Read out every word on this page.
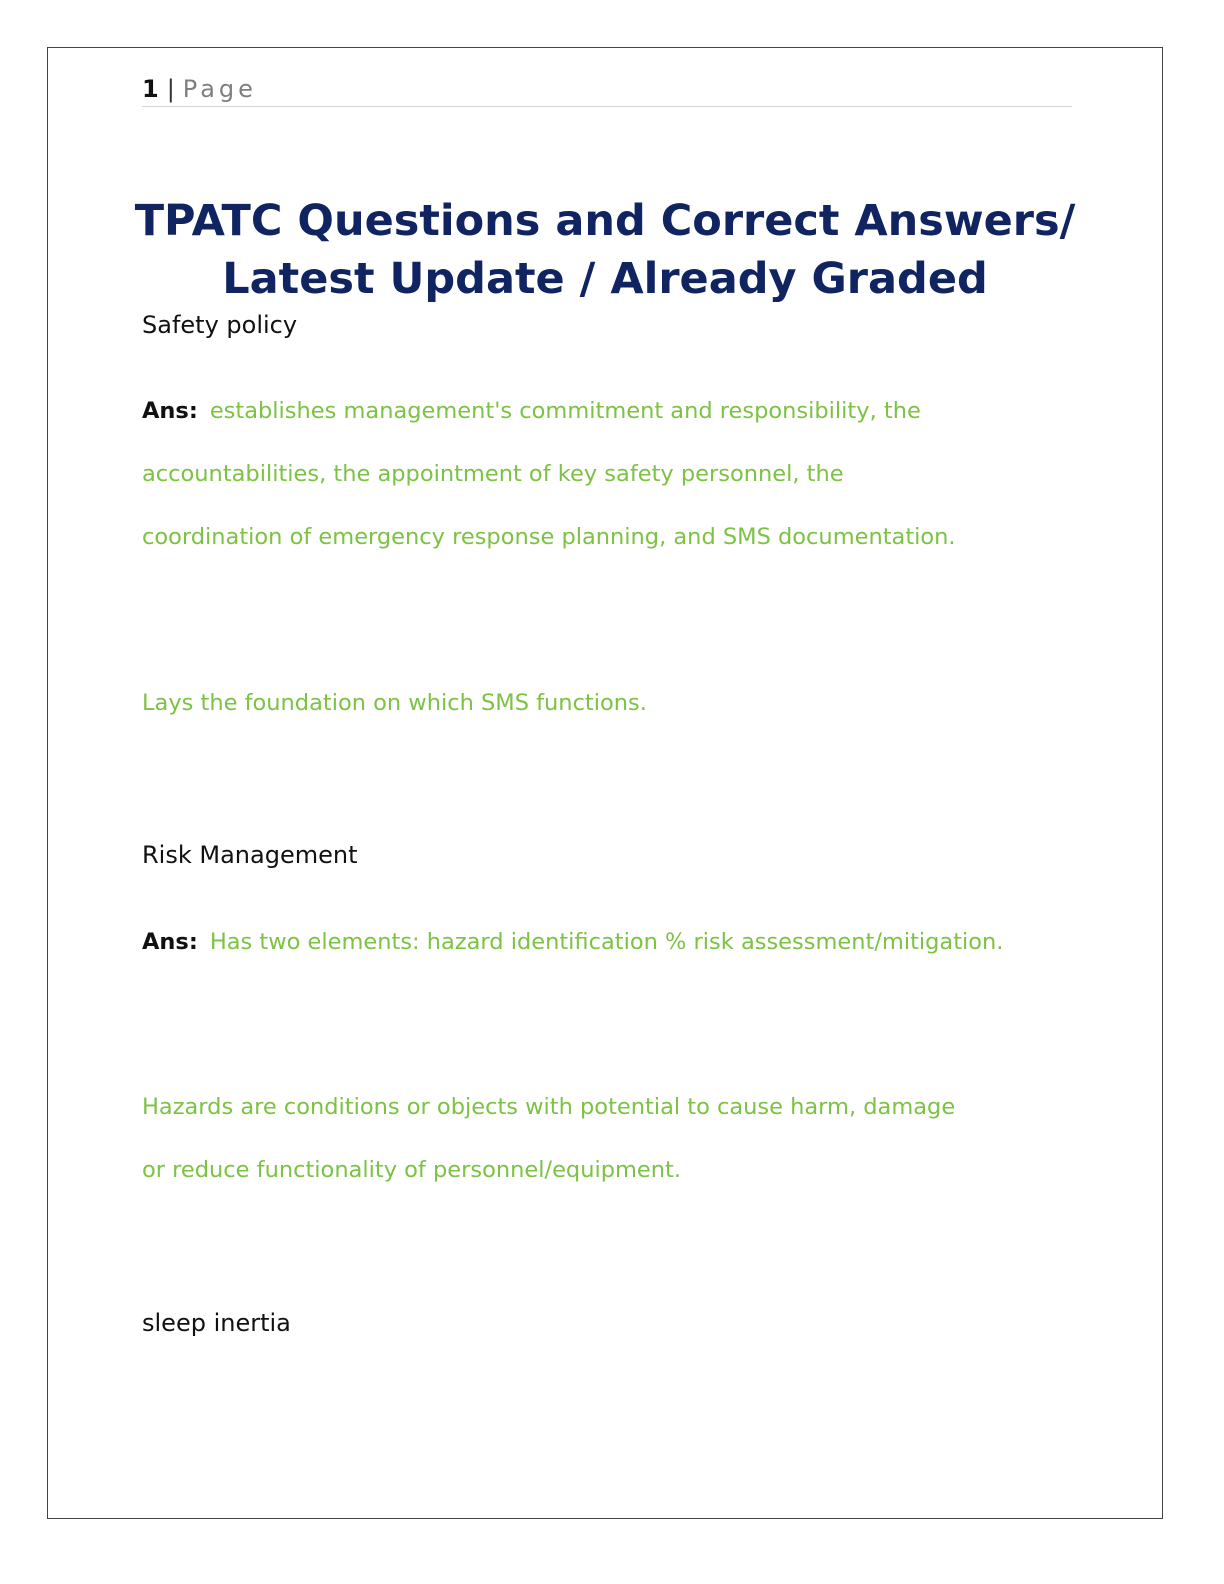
1 | Page
TPATC Questions and Correct Answers/
Latest Update / Already Graded

Safety policy

Ans: establishes management's commitment and responsibility, the
accountabilities, the appointment of key safety personnel, the
coordination of emergency response planning, and SMS documentation.

Lays the foundation on which SMS functions.

Risk Management

Ans: Has two elements: hazard identification % risk assessment/mitigation.

Hazards are conditions or objects with potential to cause harm, damage
or reduce functionality of personnel/equipment.

sleep inertia
